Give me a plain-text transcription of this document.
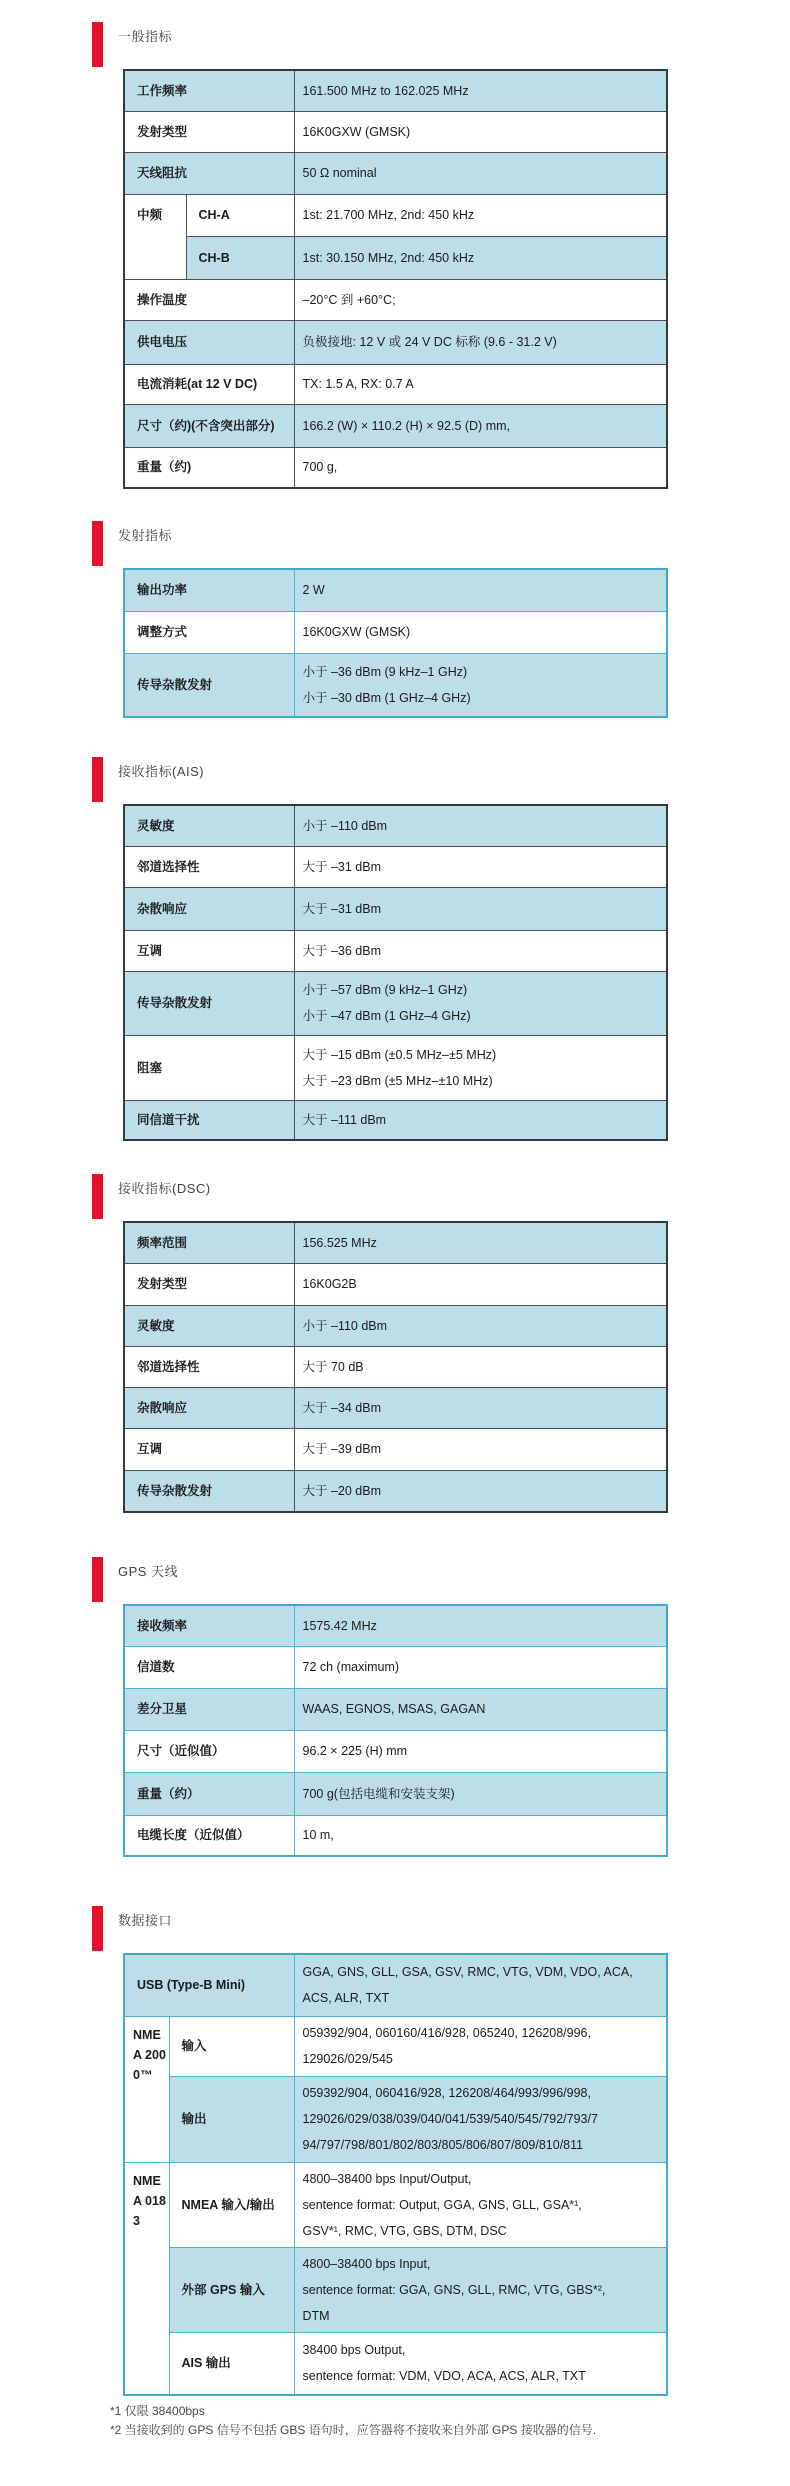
一般指标
工作频率		161.500 MHz to 162.025 MHz
发射类型		16K0GXW (GMSK)
天线阻抗		50 Ω nominal
中频	CH-A	1st: 21.700 MHz, 2nd: 450 kHz
	CH-B	1st: 30.150 MHz, 2nd: 450 kHz
操作温度		–20°C 到 +60°C;
供电电压		负极接地: 12 V 或 24 V DC 标称 (9.6 - 31.2 V)
电流消耗(at 12 V DC)		TX: 1.5 A, RX: 0.7 A
尺寸（约)(不含突出部分)		166.2 (W) × 110.2 (H) × 92.5 (D) mm,
重量（约)		700 g,
发射指标
输出功率	2 W
调整方式	16K0GXW (GMSK)
传导杂散发射	小于 –36 dBm (9 kHz–1 GHz)
小于 –30 dBm (1 GHz–4 GHz)
接收指标(AIS)
灵敏度	小于 –110 dBm
邻道选择性	大于 –31 dBm
杂散响应	大于 –31 dBm
互调	大于 –36 dBm
传导杂散发射	小于 –57 dBm (9 kHz–1 GHz)
小于 –47 dBm (1 GHz–4 GHz)

阻塞	大于 –15 dBm (±0.5 MHz–±5 MHz)
大于 –23 dBm (±5 MHz–±10 MHz)

同信道干扰	大于 –111 dBm
接收指标(DSC)
频率范围	156.525 MHz
发射类型	16K0G2B
灵敏度	小于 –110 dBm
邻道选择性	大于 70 dB
杂散响应	大于 –34 dBm
互调	大于 –39 dBm
传导杂散发射	大于 –20 dBm
GPS 天线
接收频率	1575.42 MHz
信道数	72 ch (maximum)
差分卫星	WAAS, EGNOS, MSAS, GAGAN
尺寸（近似值）	96.2 × 225 (H) mm
重量（约）	700 g(包括电缆和安装支架)
电缆长度（近似值）	10 m,
数据接口
USB (Type-B Mini)		GGA, GNS, GLL, GSA, GSV, RMC, VTG, VDM, VDO, ACA,
ACS, ALR, TXT

NMEA 2000™	输入	059392/904, 060160/416/928, 065240, 126208/996,
129026/029/545

	输出	059392/904, 060416/928, 126208/464/993/996/998,
129026/029/038/039/040/041/539/540/545/792/793/7
94/797/798/801/802/803/805/806/807/809/810/811

NMEA 0183	NMEA 输入/输出	4800–38400 bps Input/Output,
sentence format: Output, GGA, GNS, GLL, GSA*¹,
GSV*¹, RMC, VTG, GBS, DTM, DSC

	外部 GPS 输入	4800–38400 bps Input,
sentence format: GGA, GNS, GLL, RMC, VTG, GBS*²,
DTM

	AIS 输出	38400 bps Output,
sentence format: VDM, VDO, ACA, ACS, ALR, TXT
*1 仅限 38400bps
*2 当接收到的 GPS 信号不包括 GBS 语句时，应答器将不接收来自外部 GPS 接收器的信号.
